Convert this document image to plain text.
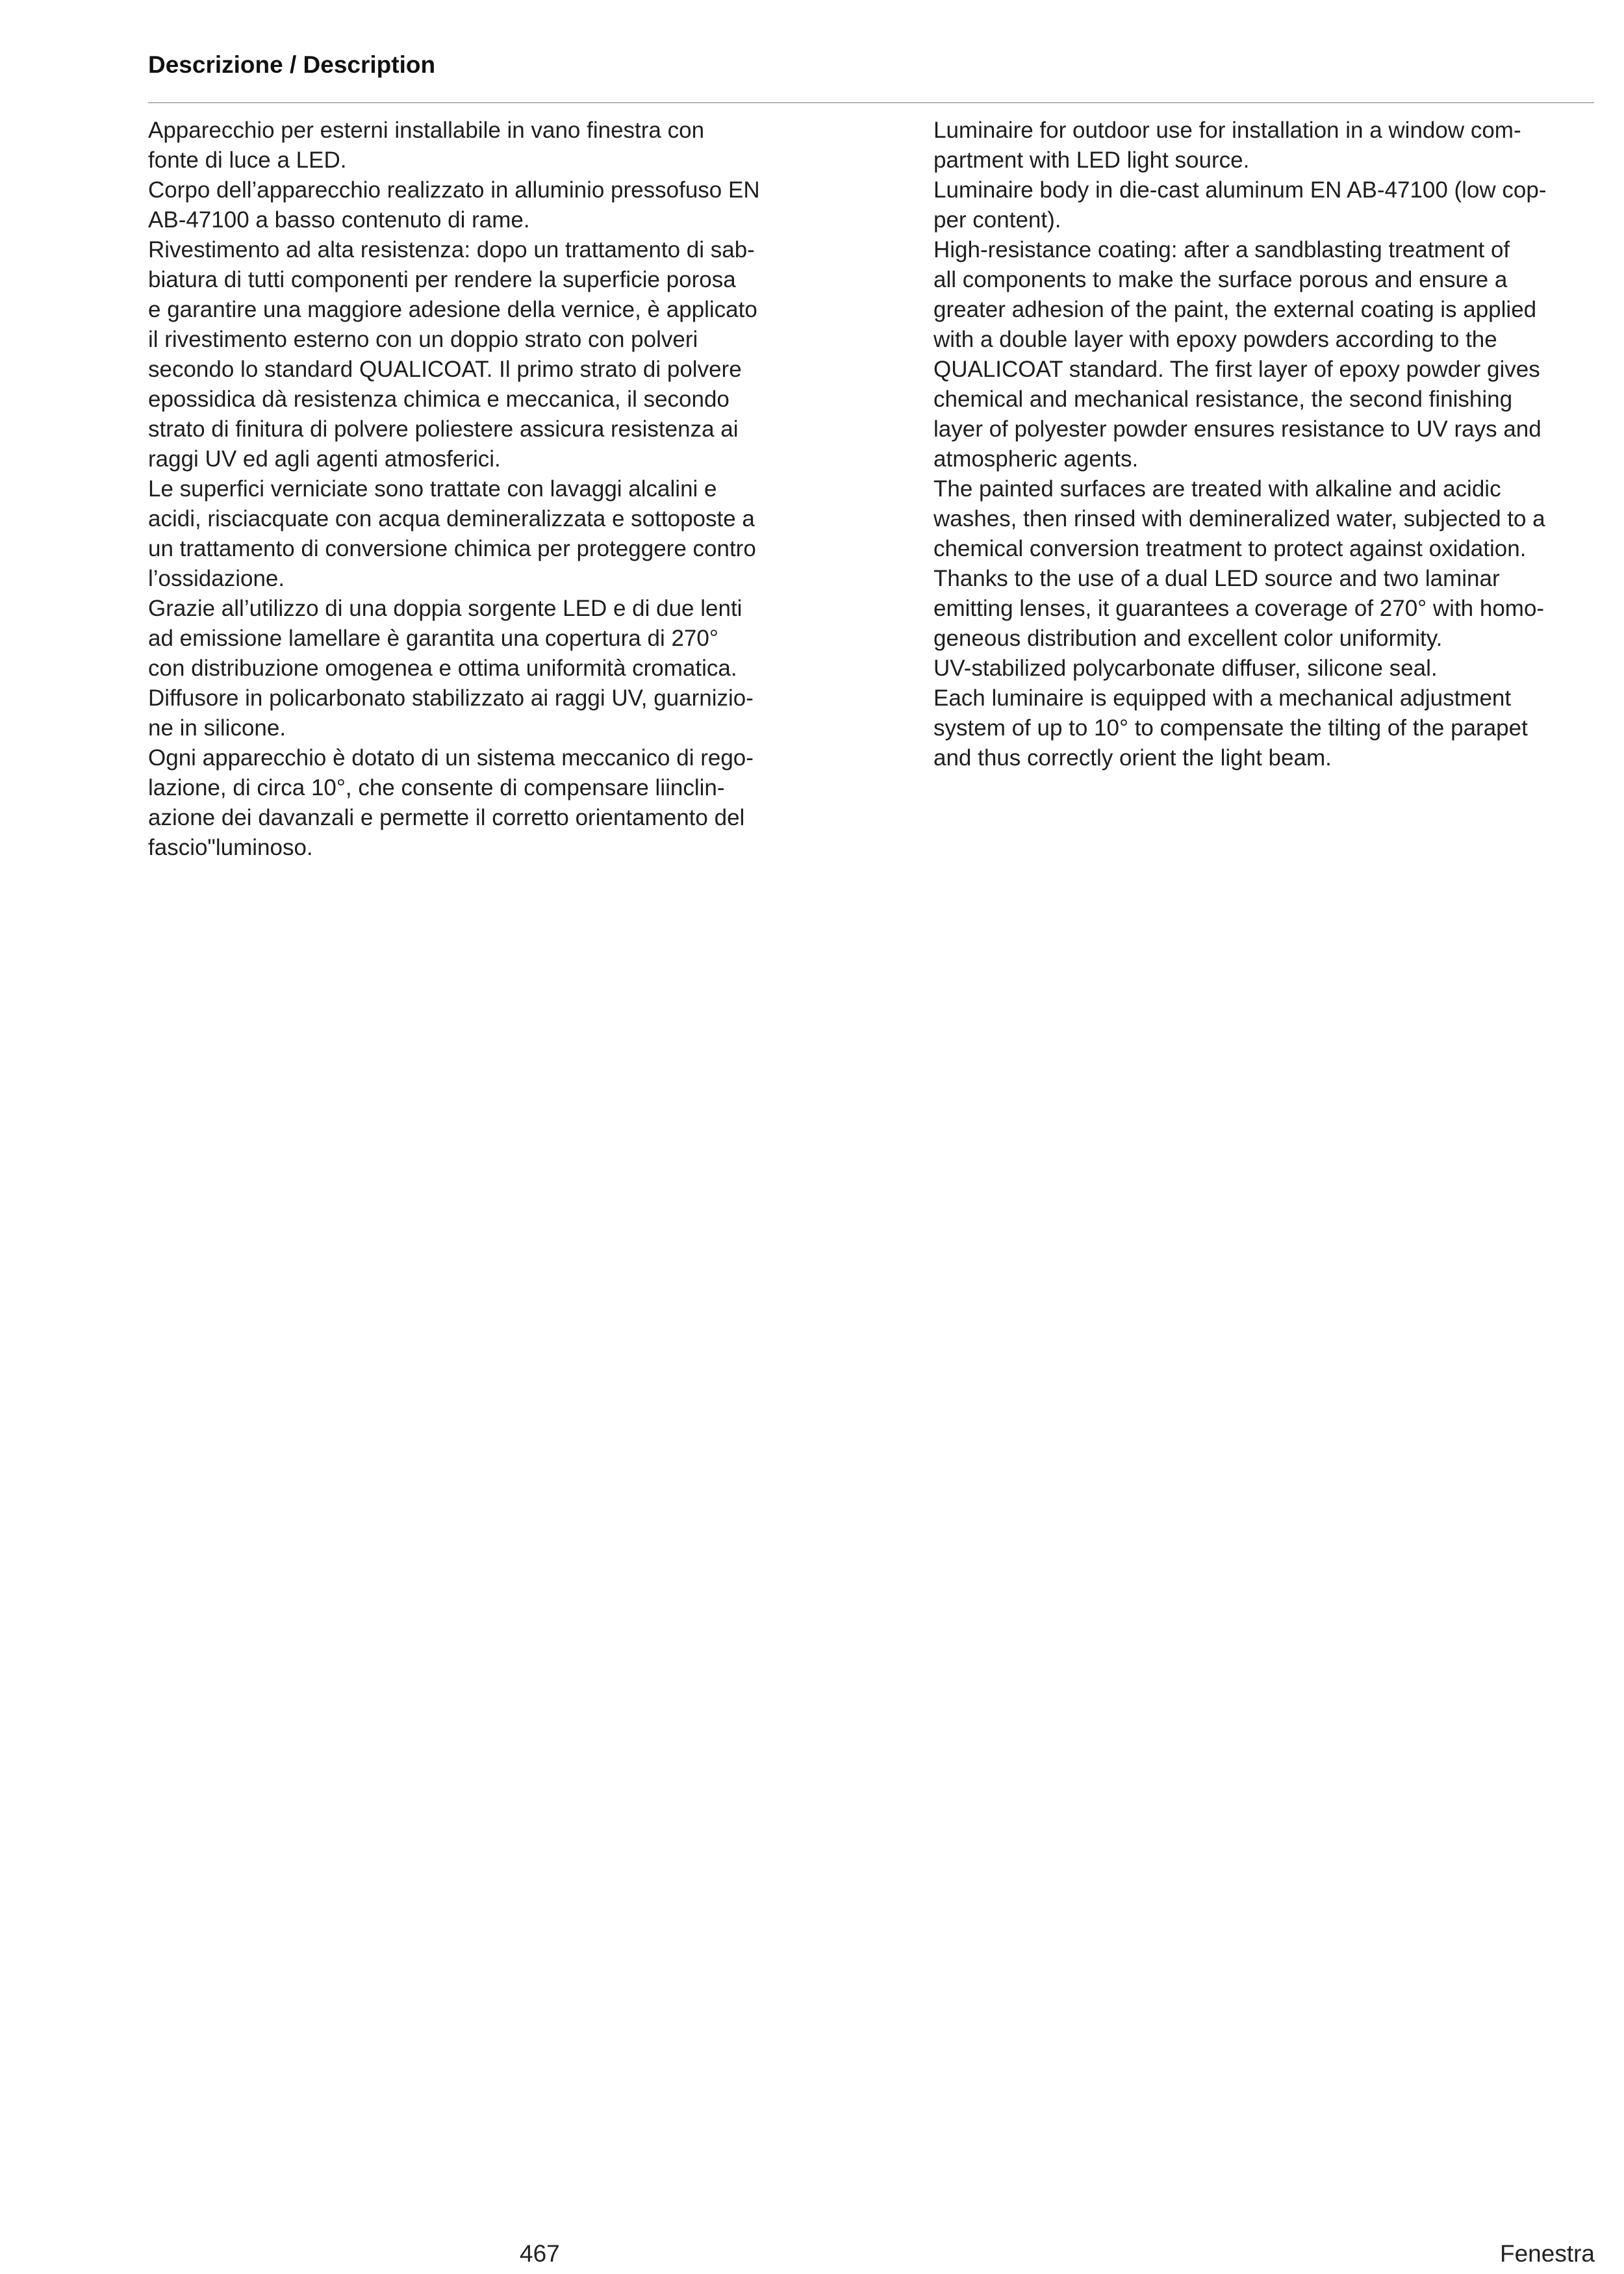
Descrizione / Description

Apparecchio per esterni installabile in vano finestra con

fonte di luce a LED.

Corpo dell’apparecchio realizzato in alluminio pressofuso EN

AB-47100 a basso contenuto di rame.

Rivestimento ad alta resistenza: dopo un trattamento di sab-

biatura di tutti componenti per rendere la superficie porosa

e garantire una maggiore adesione della vernice, è applicato

il rivestimento esterno con un doppio strato con polveri

secondo lo standard QUALICOAT. Il primo strato di polvere

epossidica dà resistenza chimica e meccanica, il secondo

strato di finitura di polvere poliestere assicura resistenza ai

raggi UV ed agli agenti atmosferici.

Le superfici verniciate sono trattate con lavaggi alcalini e

acidi, risciacquate con acqua demineralizzata e sottoposte a

un trattamento di conversione chimica per proteggere contro

l’ossidazione.

Grazie all’utilizzo di una doppia sorgente LED e di due lenti

ad emissione lamellare è garantita una copertura di 270°

con distribuzione omogenea e ottima uniformità cromatica.

Diffusore in policarbonato stabilizzato ai raggi UV, guarnizio-

ne in silicone.

Ogni apparecchio è dotato di un sistema meccanico di rego-

lazione, di circa 10°, che consente di compensare liinclin-

azione dei davanzali e permette il corretto orientamento del

fascio"luminoso.

Luminaire for outdoor use for installation in a window com-

partment with LED light source.

Luminaire body in die-cast aluminum EN AB-47100 (low cop-

per content).

High-resistance coating: after a sandblasting treatment of

all components to make the surface porous and ensure a

greater adhesion of the paint, the external coating is applied

with a double layer with epoxy powders according to the

QUALICOAT standard. The first layer of epoxy powder gives

chemical and mechanical resistance, the second finishing

layer of polyester powder ensures resistance to UV rays and

atmospheric agents.

The painted surfaces are treated with alkaline and acidic

washes, then rinsed with demineralized water, subjected to a

chemical conversion treatment to protect against oxidation.

Thanks to the use of a dual LED source and two laminar

emitting lenses, it guarantees a coverage of 270° with homo-

geneous distribution and excellent color uniformity.

UV-stabilized polycarbonate diffuser, silicone seal.

Each luminaire is equipped with a mechanical adjustment

system of up to 10° to compensate the tilting of the parapet

and thus correctly orient the light beam.

467	Fenestra
